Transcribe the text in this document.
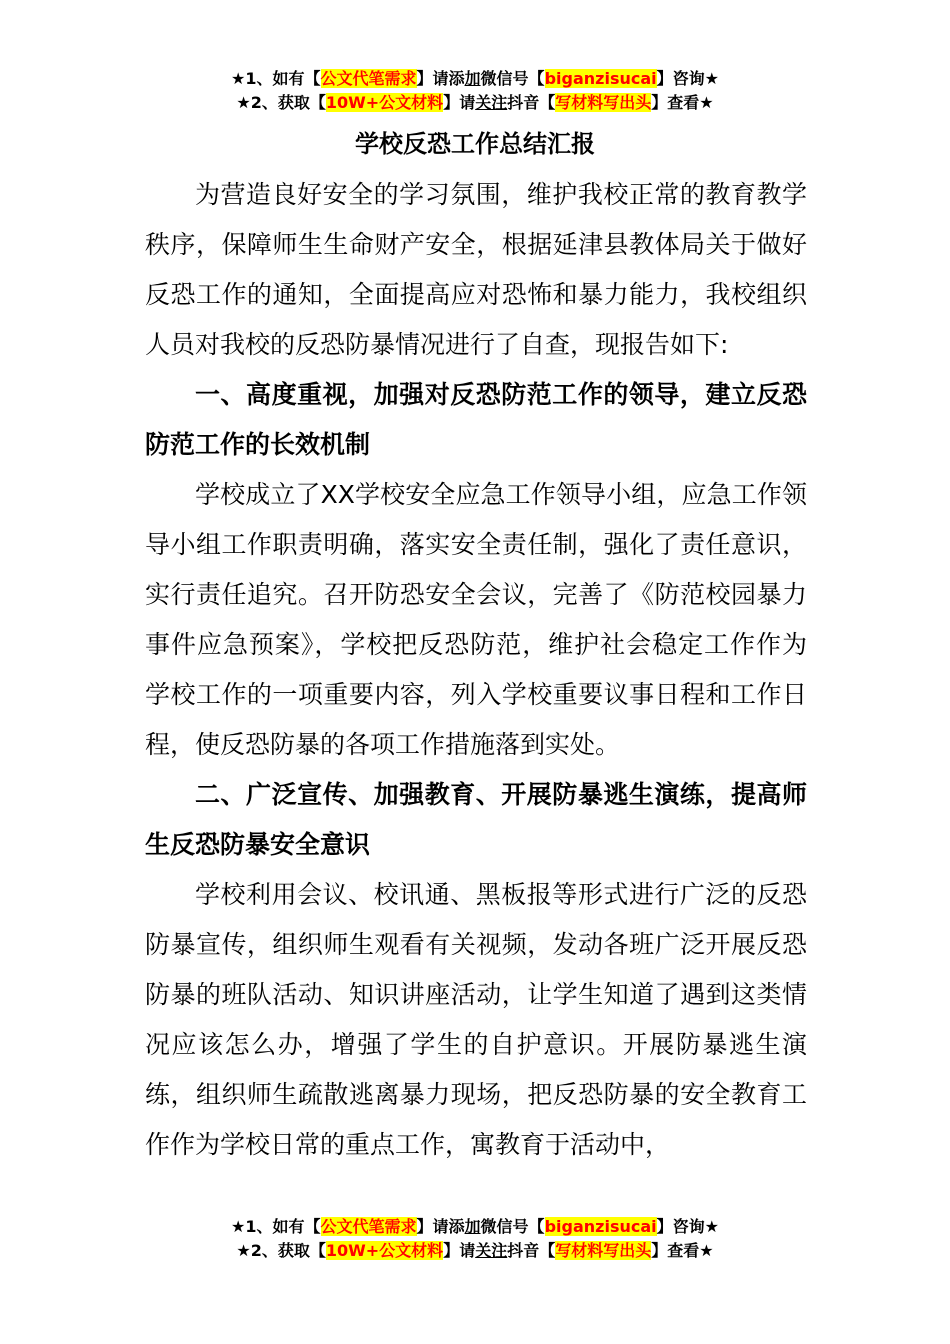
★1、如有【公文代笔需求】请添加微信号【biganzisucai】咨询★
★2、获取【10W+公文材料】请关注抖音【写材料写出头】查看★
学校反恐工作总结汇报

为营造良好安全的学习氛围，维护我校正常的教育教学秩序，保障师生生命财产安全，根据延津县教体局关于做好反恐工作的通知，全面提高应对恐怖和暴力能力，我校组织人员对我校的反恐防暴情况进行了自查，现报告如下:

一、高度重视，加强对反恐防范工作的领导，建立反恐防范工作的长效机制

学校成立了XX学校安全应急工作领导小组，应急工作领导小组工作职责明确，落实安全责任制，强化了责任意识，实行责任追究。召开防恐安全会议，完善了《防范校园暴力事件应急预案》，学校把反恐防范，维护社会稳定工作作为学校工作的一项重要内容，列入学校重要议事日程和工作日程，使反恐防暴的各项工作措施落到实处。

二、广泛宣传、加强教育、开展防暴逃生演练，提高师生反恐防暴安全意识

学校利用会议、校讯通、黑板报等形式进行广泛的反恐防暴宣传，组织师生观看有关视频，发动各班广泛开展反恐防暴的班队活动、知识讲座活动，让学生知道了遇到这类情况应该怎么办，增强了学生的自护意识。开展防暴逃生演练，组织师生疏散逃离暴力现场，把反恐防暴的安全教育工作作为学校日常的重点工作，寓教育于活动中，

★1、如有【公文代笔需求】请添加微信号【biganzisucai】咨询★
★2、获取【10W+公文材料】请关注抖音【写材料写出头】查看★
